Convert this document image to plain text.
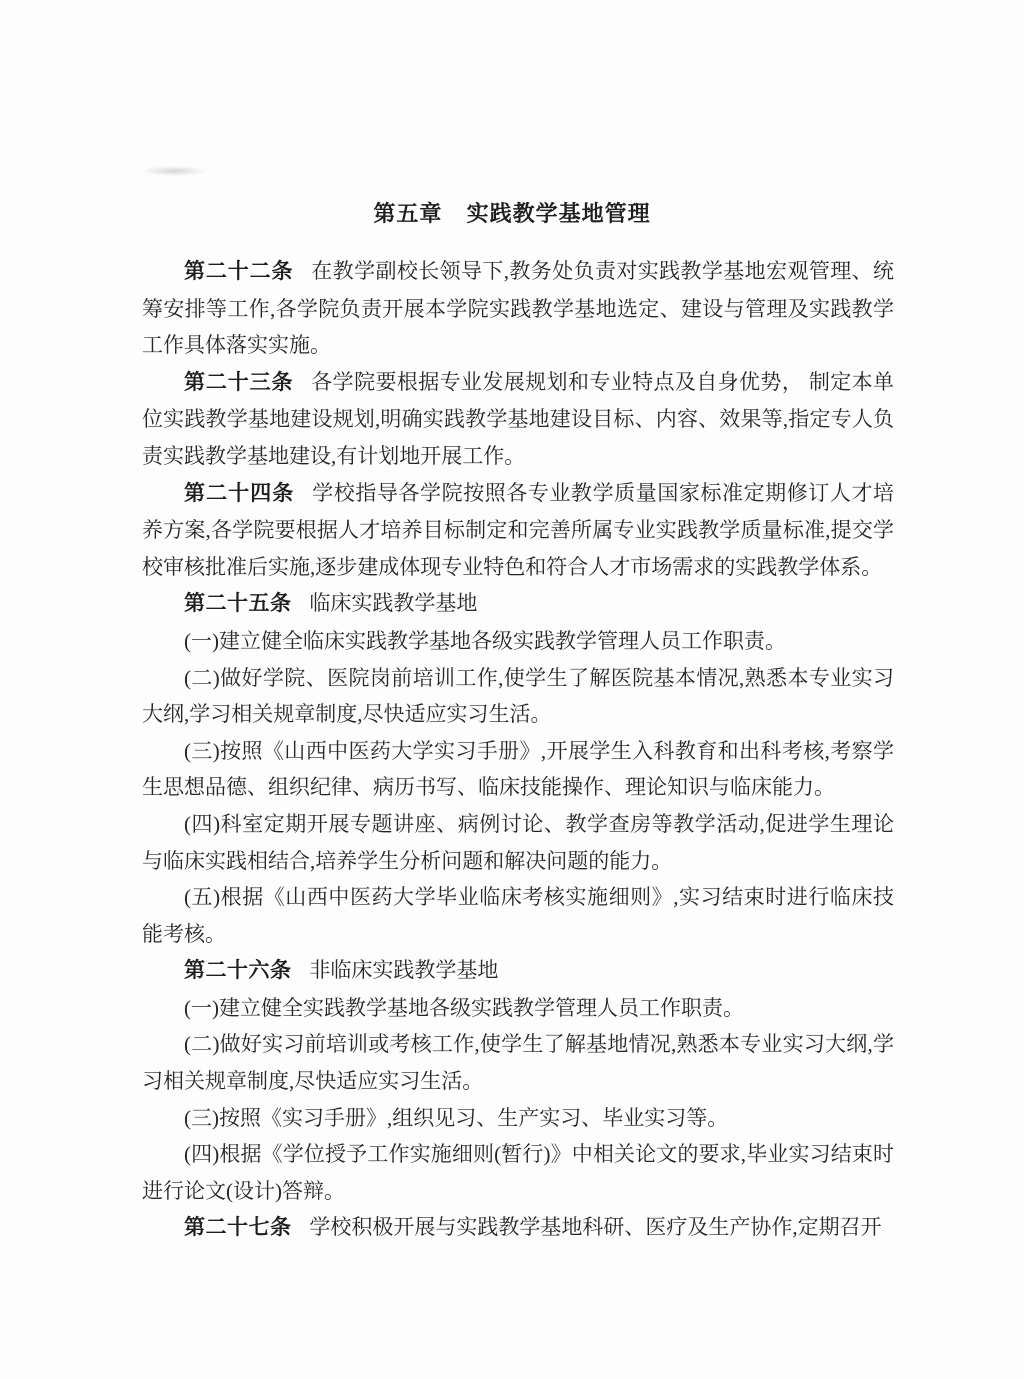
第五章 实践教学基地管理

第二十二条 在教学副校长领导下,教务处负责对实践教学基地宏观管理、统筹安排等工作,各学院负责开展本学院实践教学基地选定、建设与管理及实践教学工作具体落实实施。

第二十三条 各学院要根据专业发展规划和专业特点及自身优势， 制定本单位实践教学基地建设规划,明确实践教学基地建设目标、内容、效果等,指定专人负责实践教学基地建设,有计划地开展工作。

第二十四条 学校指导各学院按照各专业教学质量国家标准定期修订人才培养方案,各学院要根据人才培养目标制定和完善所属专业实践教学质量标准,提交学校审核批准后实施,逐步建成体现专业特色和符合人才市场需求的实践教学体系。

第二十五条 临床实践教学基地

(一)建立健全临床实践教学基地各级实践教学管理人员工作职责。

(二)做好学院、医院岗前培训工作,使学生了解医院基本情况,熟悉本专业实习大纲,学习相关规章制度,尽快适应实习生活。

(三)按照《山西中医药大学实习手册》,开展学生入科教育和出科考核,考察学生思想品德、组织纪律、病历书写、临床技能操作、理论知识与临床能力。

(四)科室定期开展专题讲座、病例讨论、教学查房等教学活动,促进学生理论与临床实践相结合,培养学生分析问题和解决问题的能力。

(五)根据《山西中医药大学毕业临床考核实施细则》,实习结束时进行临床技能考核。

第二十六条 非临床实践教学基地

(一)建立健全实践教学基地各级实践教学管理人员工作职责。

(二)做好实习前培训或考核工作,使学生了解基地情况,熟悉本专业实习大纲,学习相关规章制度,尽快适应实习生活。

(三)按照《实习手册》,组织见习、生产实习、毕业实习等。

(四)根据《学位授予工作实施细则(暂行)》中相关论文的要求,毕业实习结束时进行论文(设计)答辩。

第二十七条 学校积极开展与实践教学基地科研、医疗及生产协作,定期召开
